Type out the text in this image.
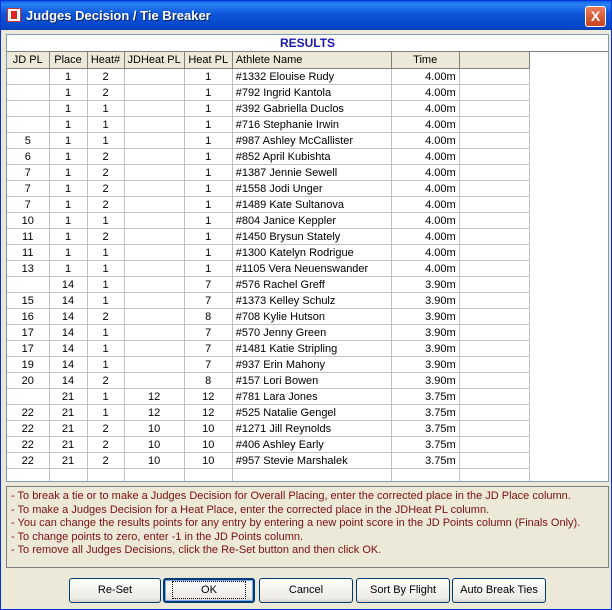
Judges Decision / Tie Breaker	X
RESULTS
JD PL	Place	Heat#	JDHeat PL	Heat PL	Athlete Name	Time	
	1	2		1	#1332 Elouise Rudy	4.00m	
	1	2		1	#792 Ingrid Kantola	4.00m	
	1	1		1	#392 Gabriella Duclos	4.00m	
	1	1		1	#716 Stephanie Irwin	4.00m	
5	1	1		1	#987 Ashley McCallister	4.00m	
6	1	2		1	#852 April Kubishta	4.00m	
7	1	2		1	#1387 Jennie Sewell	4.00m	
7	1	2		1	#1558 Jodi Unger	4.00m	
7	1	2		1	#1489 Kate Sultanova	4.00m	
10	1	1		1	#804 Janice Keppler	4.00m	
11	1	2		1	#1450 Brysun Stately	4.00m	
11	1	1		1	#1300 Katelyn Rodrigue	4.00m	
13	1	1		1	#1105 Vera Neuenswander	4.00m	
	14	1		7	#576 Rachel Greff	3.90m	
15	14	1		7	#1373 Kelley Schulz	3.90m	
16	14	2		8	#708 Kylie Hutson	3.90m	
17	14	1		7	#570 Jenny Green	3.90m	
17	14	1		7	#1481 Katie Stripling	3.90m	
19	14	1		7	#937 Erin Mahony	3.90m	
20	14	2		8	#157 Lori Bowen	3.90m	
	21	1	12	12	#781 Lara Jones	3.75m	
22	21	1	12	12	#525 Natalie Gengel	3.75m	
22	21	2	10	10	#1271 Jill Reynolds	3.75m	
22	21	2	10	10	#406 Ashley Early	3.75m	
22	21	2	10	10	#957 Stevie Marshalek	3.75m	

- To break a tie or to make a Judges Decision for Overall Placing, enter the corrected place in the JD Place column.
- To make a Judges Decision for a Heat Place, enter the corrected place in the JDHeat PL column.
- You can change the results points for any entry by entering a new point score in the JD Points column (Finals Only).
- To change points to zero, enter -1 in the JD Points column.
- To remove all Judges Decisions, click the Re-Set button and then click OK.
Re-Set	OK	Cancel	Sort By Flight	Auto Break Ties
